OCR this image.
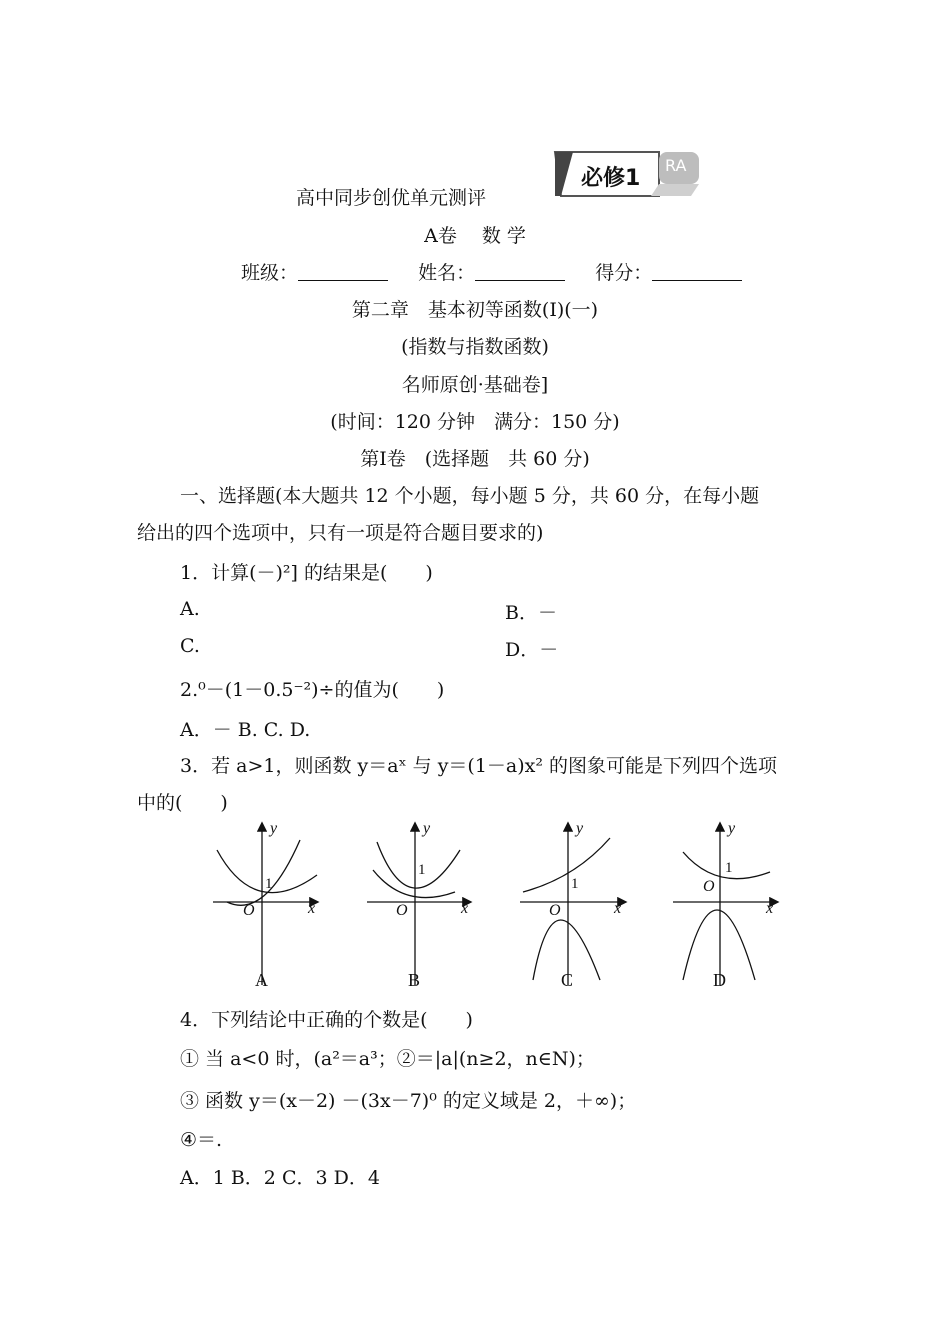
必修1
RA
高中同步创优单元测评
A卷　 数 学
班级：	姓名：	得分：
第二章　基本初等函数(Ⅰ)(一)
(指数与指数函数)
名师原创·基础卷]
(时间：120 分钟　满分：150 分)
第Ⅰ卷　(选择题　共 60 分)
一、选择题(本大题共 12 个小题，每小题 5 分，共 60 分，在每小题
给出的四个选项中，只有一项是符合题目要求的)
1．计算(－)²] 的结果是(　　)
A.	B．－
C.	D．－
2.⁰－(1－0.5⁻²)÷的值为(　　)
A．－ B. C. D.
3．若 a>1，则函数 y＝aˣ 与 y＝(1－a)x² 的图象可能是下列四个选项
中的(　　)
y
x
O
1
y
x
O
1
y
x
O
1
y
x
O
1
A	B	C	D
4．下列结论中正确的个数是(　　)
① 当 a<0 时，(a²＝a³；②＝|a|(n≥2，n∈N)；
③ 函数 y＝(x－2) －(3x－7)⁰ 的定义域是 2，＋∞)；
④＝.
A．1 B．2 C．3 D．4
